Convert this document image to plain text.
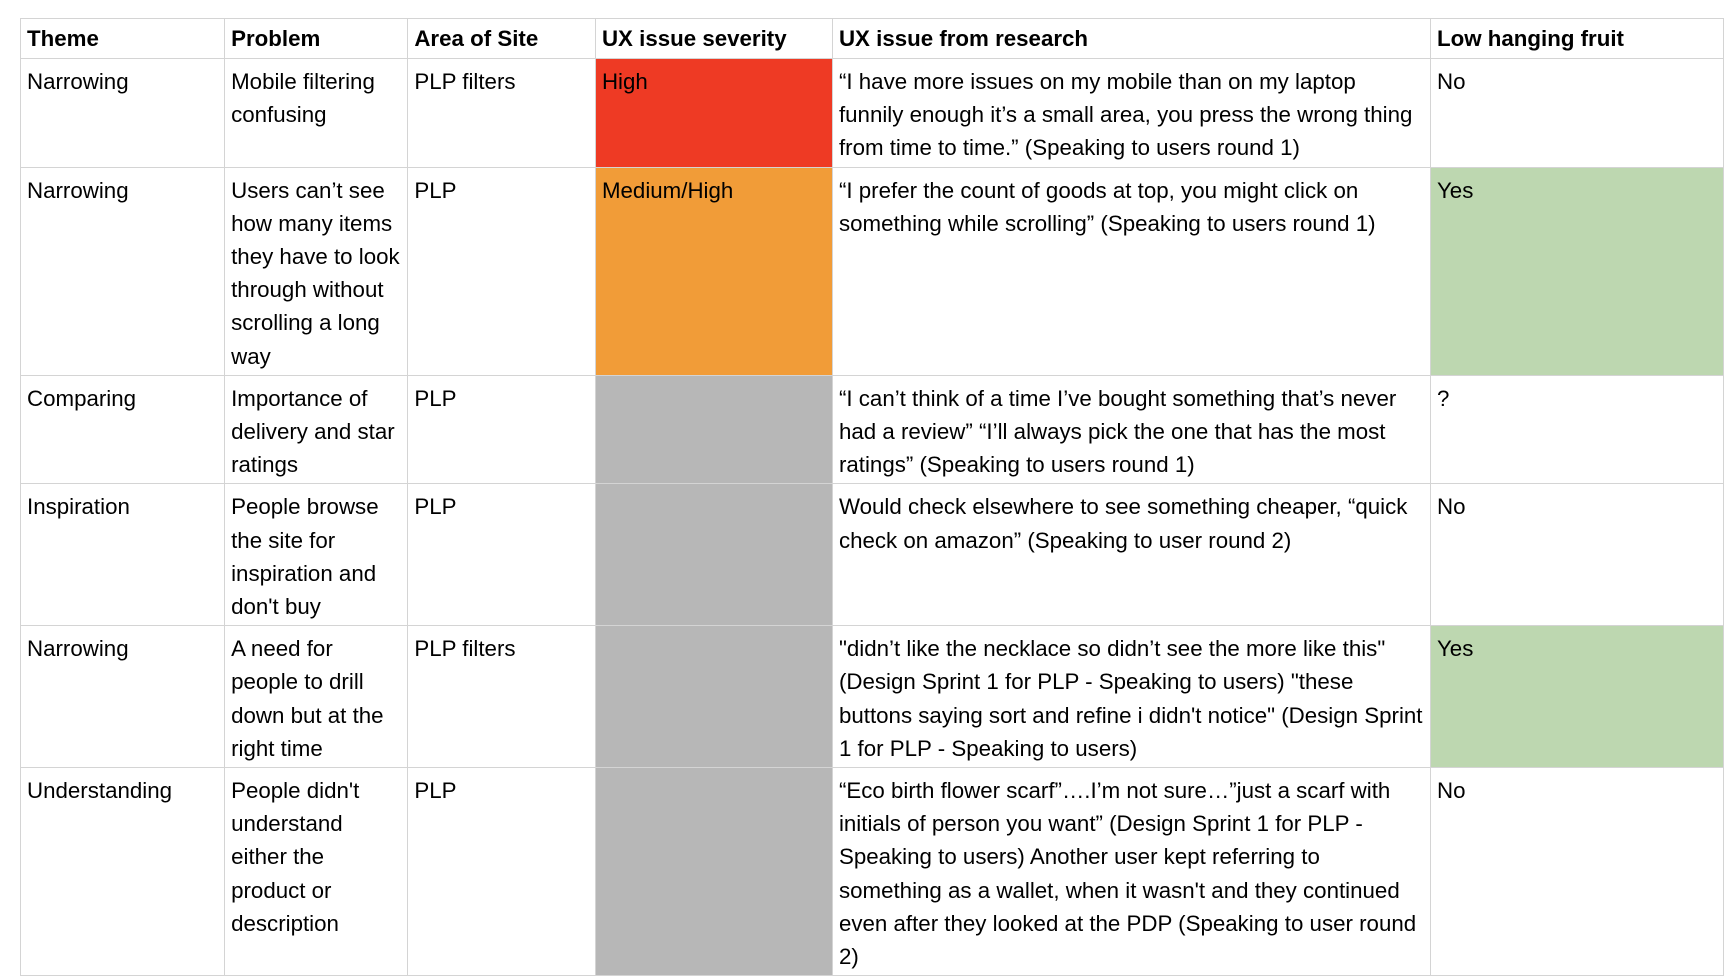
Theme	Problem	Area of Site	UX issue severity	UX issue from research	Low hanging fruit
Narrowing	Mobile filtering confusing	PLP filters	High	“I have more issues on my mobile than on my laptop funnily enough it’s a small area, you press the wrong thing from time to time.” (Speaking to users round 1)	No
Narrowing	Users can’t see how many items they have to look through without scrolling a long way	PLP	Medium/High	“I prefer the count of goods at top, you might click on something while scrolling” (Speaking to users round 1)	Yes
Comparing	Importance of delivery and star ratings	PLP		“I can’t think of a time I’ve bought something that’s never had a review” “I’ll always pick the one that has the most ratings” (Speaking to users round 1)	?
Inspiration	People browse the site for inspiration and don't buy	PLP		Would check elsewhere to see something cheaper, “quick check on amazon” (Speaking to user round 2)	No
Narrowing	A need for people to drill down but at the right time	PLP filters		"didn’t like the necklace so didn’t see the more like this" (Design Sprint 1 for PLP - Speaking to users) "these buttons saying sort and refine i didn't notice" (Design Sprint 1 for PLP - Speaking to users)	Yes
Understanding	People didn't understand either the product or description	PLP		“Eco birth flower scarf”….I’m not sure…”just a scarf with initials of person you want” (Design Sprint 1 for PLP - Speaking to users) Another user kept referring to something as a wallet, when it wasn't and they continued even after they looked at the PDP (Speaking to user round 2)	No
